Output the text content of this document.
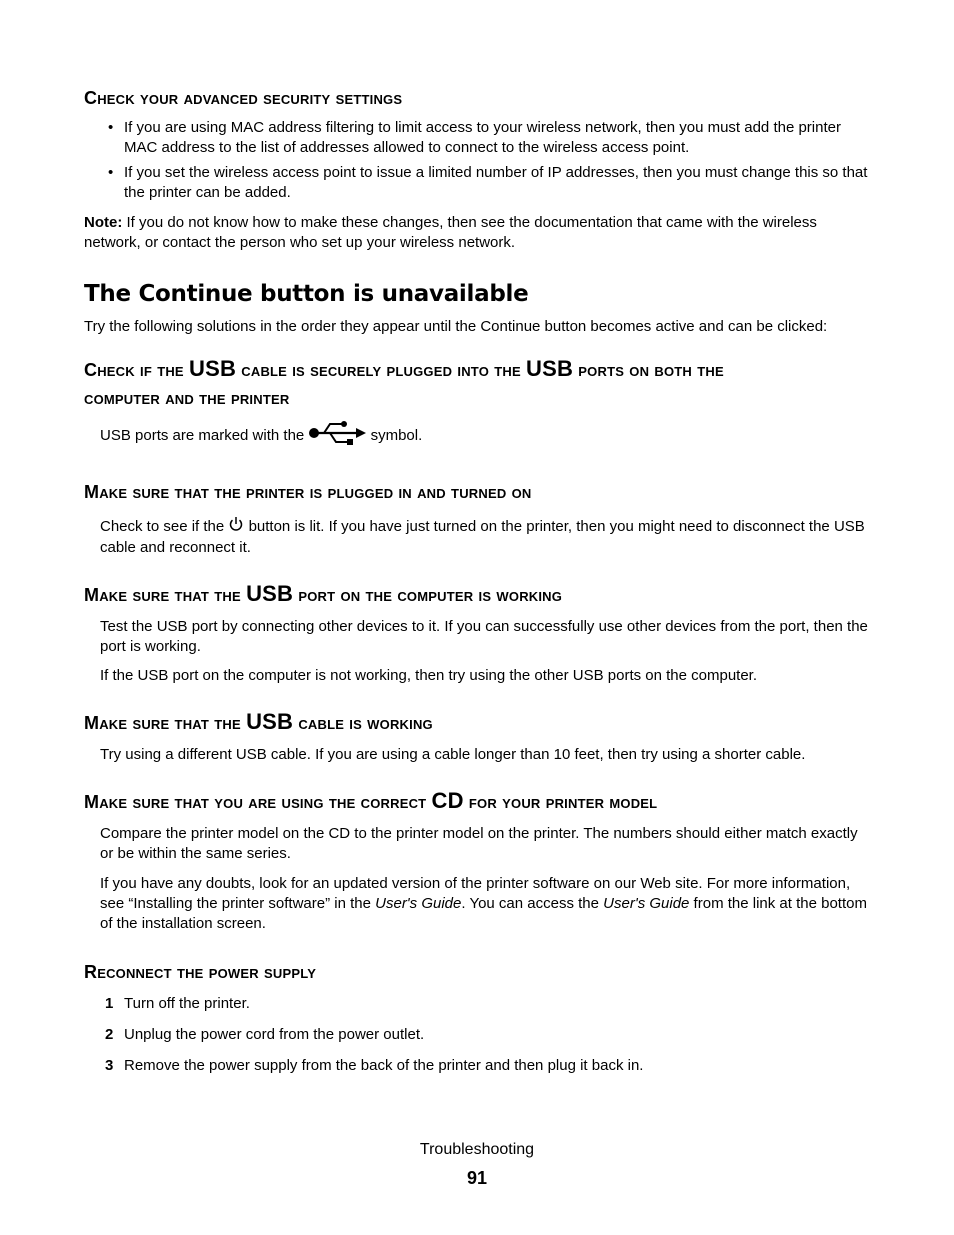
Check your advanced security settings
• If you are using MAC address filtering to limit access to your wireless network, then you must add the printer MAC address to the list of addresses allowed to connect to the wireless access point.
• If you set the wireless access point to issue a limited number of IP addresses, then you must change this so that the printer can be added.

Note: If you do not know how to make these changes, then see the documentation that came with the wireless network, or contact the person who set up your wireless network.

The Continue button is unavailable

Try the following solutions in the order they appear until the Continue button becomes active and can be clicked:

Check if the USB cable is securely plugged into the USB ports on both the
computer and the printer

USB ports are marked with the	symbol.

Make sure that the printer is plugged in and turned on

Check to see if the  button is lit. If you have just turned on the printer, then you might need to disconnect the USB cable and reconnect it.

Make sure that the USB port on the computer is working

Test the USB port by connecting other devices to it. If you can successfully use other devices from the port, then the port is working.

If the USB port on the computer is not working, then try using the other USB ports on the computer.

Make sure that the USB cable is working

Try using a different USB cable. If you are using a cable longer than 10 feet, then try using a shorter cable.

Make sure that you are using the correct CD for your printer model

Compare the printer model on the CD to the printer model on the printer. The numbers should either match exactly or be within the same series.

If you have any doubts, look for an updated version of the printer software on our Web site. For more information, see “Installing the printer software” in the User's Guide. You can access the User's Guide from the link at the bottom of the installation screen.

Reconnect the power supply
1 Turn off the printer.
2 Unplug the power cord from the power outlet.
3 Remove the power supply from the back of the printer and then plug it back in.
Troubleshooting
91
